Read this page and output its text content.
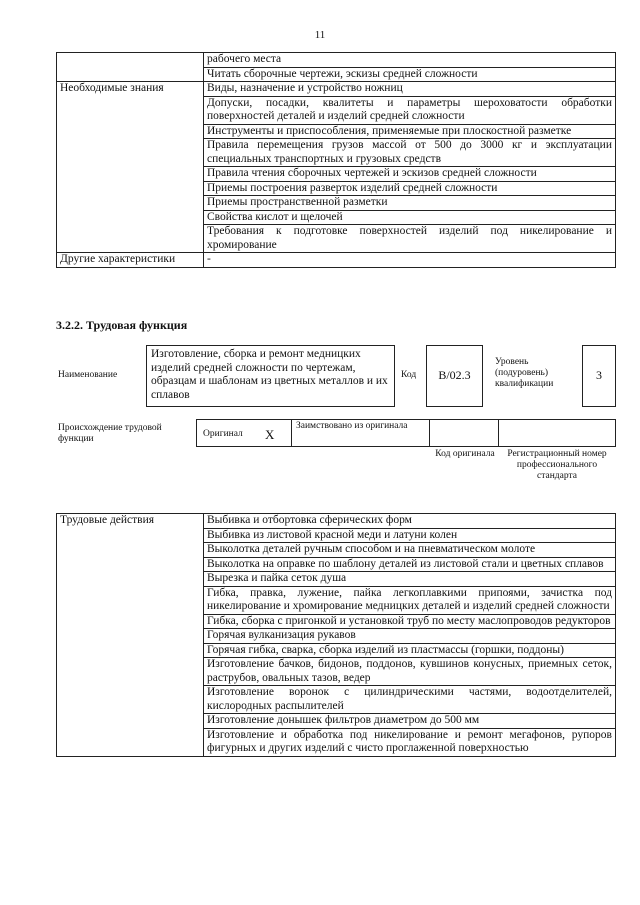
11
	рабочего места
	Читать сборочные чертежи, эскизы средней сложности
Необходимые знания	Виды, назначение и устройство ножниц
	Допуски, посадки, квалитеты и параметры шероховатости обработки поверхностей деталей и изделий средней сложности
	Инструменты и приспособления, применяемые при плоскостной разметке
	Правила перемещения грузов массой от 500 до 3000 кг и эксплуатации специальных транспортных и грузовых средств
	Правила чтения сборочных чертежей и эскизов средней сложности
	Приемы построения разверток изделий средней сложности
	Приемы пространственной разметки
	Свойства кислот и щелочей
	Требования к подготовке поверхностей изделий под никелирование и хромирование
Другие характеристики	-
3.2.2. Трудовая функция
Наименование
Изготовление, сборка и ремонт медницких изделий средней сложности по чертежам, образцам и шаблонам из цветных металлов и их сплавов
Код	В/02.3
Уровень (подуровень) квалификации
3
Происхождение трудовой функции	Оригинал X
Заимствовано из оригинала
Код оригинала	Регистрационный номер профессионального стандарта
Трудовые действия	Выбивка и отбортовка сферических форм
Выбивка из листовой красной меди и латуни колен
Выколотка деталей ручным способом и на пневматическом молоте
Выколотка на оправке по шаблону деталей из листовой стали и цветных сплавов
Вырезка и пайка сеток душа
Гибка, правка, лужение, пайка легкоплавкими припоями, зачистка под никелирование и хромирование медницких деталей и изделий средней сложности
Гибка, сборка с пригонкой и установкой труб по месту маслопроводов редукторов
Горячая вулканизация рукавов
Горячая гибка, сварка, сборка изделий из пластмассы (горшки, поддоны)
Изготовление бачков, бидонов, поддонов, кувшинов конусных, приемных сеток, раструбов, овальных тазов, ведер
Изготовление воронок с цилиндрическими частями, водоотделителей, кислородных распылителей
Изготовление донышек фильтров диаметром до 500 мм
Изготовление и обработка под никелирование и ремонт мегафонов, рупоров фигурных и других изделий с чисто проглаженной поверхностью
